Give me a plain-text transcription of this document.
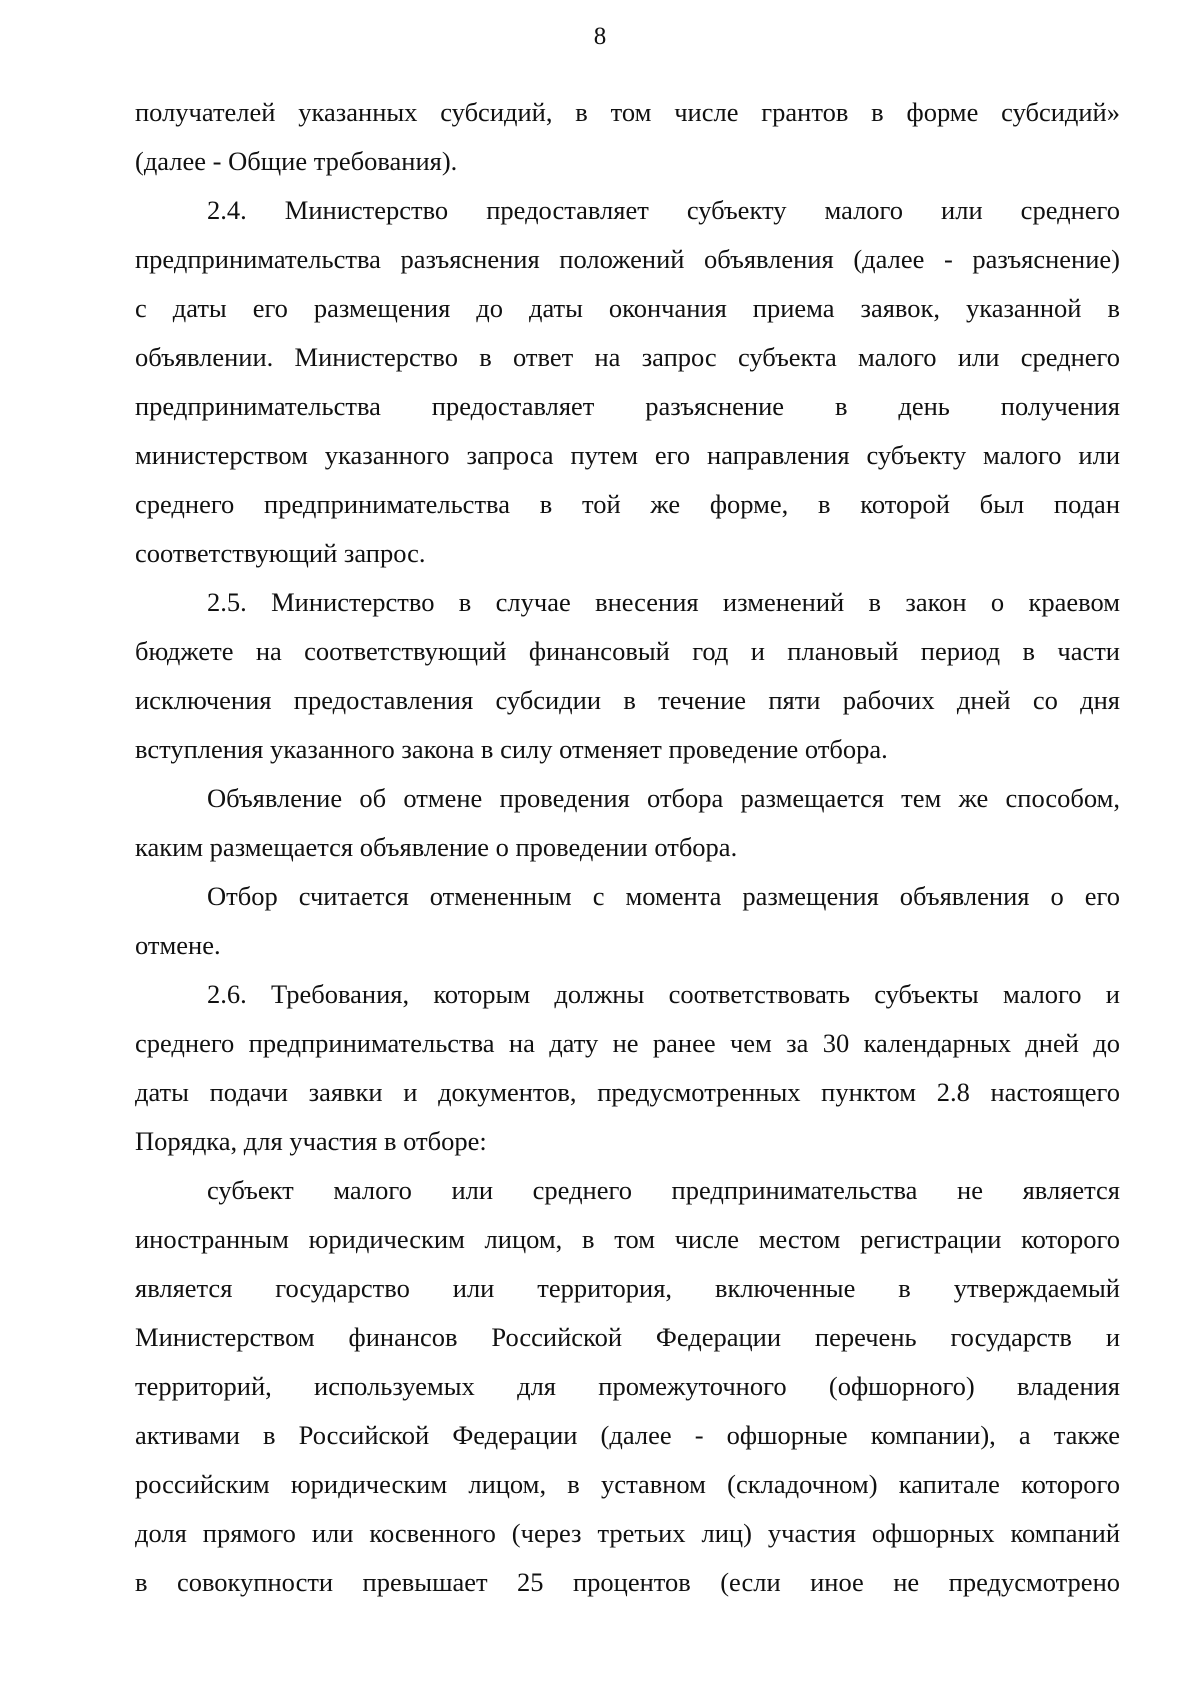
8
получателей указанных субсидий, в том числе грантов в форме субсидий»
(далее - Общие требования).
2.4. Министерство предоставляет субъекту малого или среднего
предпринимательства разъяснения положений объявления (далее - разъяснение)
с даты его размещения до даты окончания приема заявок, указанной в
объявлении. Министерство в ответ на запрос субъекта малого или среднего
предпринимательства предоставляет разъяснение в день получения
министерством указанного запроса путем его направления субъекту малого или
среднего предпринимательства в той же форме, в которой был подан
соответствующий запрос.
2.5. Министерство в случае внесения изменений в закон о краевом
бюджете на соответствующий финансовый год и плановый период в части
исключения предоставления субсидии в течение пяти рабочих дней со дня
вступления указанного закона в силу отменяет проведение отбора.
Объявление об отмене проведения отбора размещается тем же способом,
каким размещается объявление о проведении отбора.
Отбор считается отмененным с момента размещения объявления о его
отмене.
2.6. Требования, которым должны соответствовать субъекты малого и
среднего предпринимательства на дату не ранее чем за 30 календарных дней до
даты подачи заявки и документов, предусмотренных пунктом 2.8 настоящего
Порядка, для участия в отборе:
субъект малого или среднего предпринимательства не является
иностранным юридическим лицом, в том числе местом регистрации которого
является государство или территория, включенные в утверждаемый
Министерством финансов Российской Федерации перечень государств и
территорий, используемых для промежуточного (офшорного) владения
активами в Российской Федерации (далее - офшорные компании), а также
российским юридическим лицом, в уставном (складочном) капитале которого
доля прямого или косвенного (через третьих лиц) участия офшорных компаний
в совокупности превышает 25 процентов (если иное не предусмотрено
